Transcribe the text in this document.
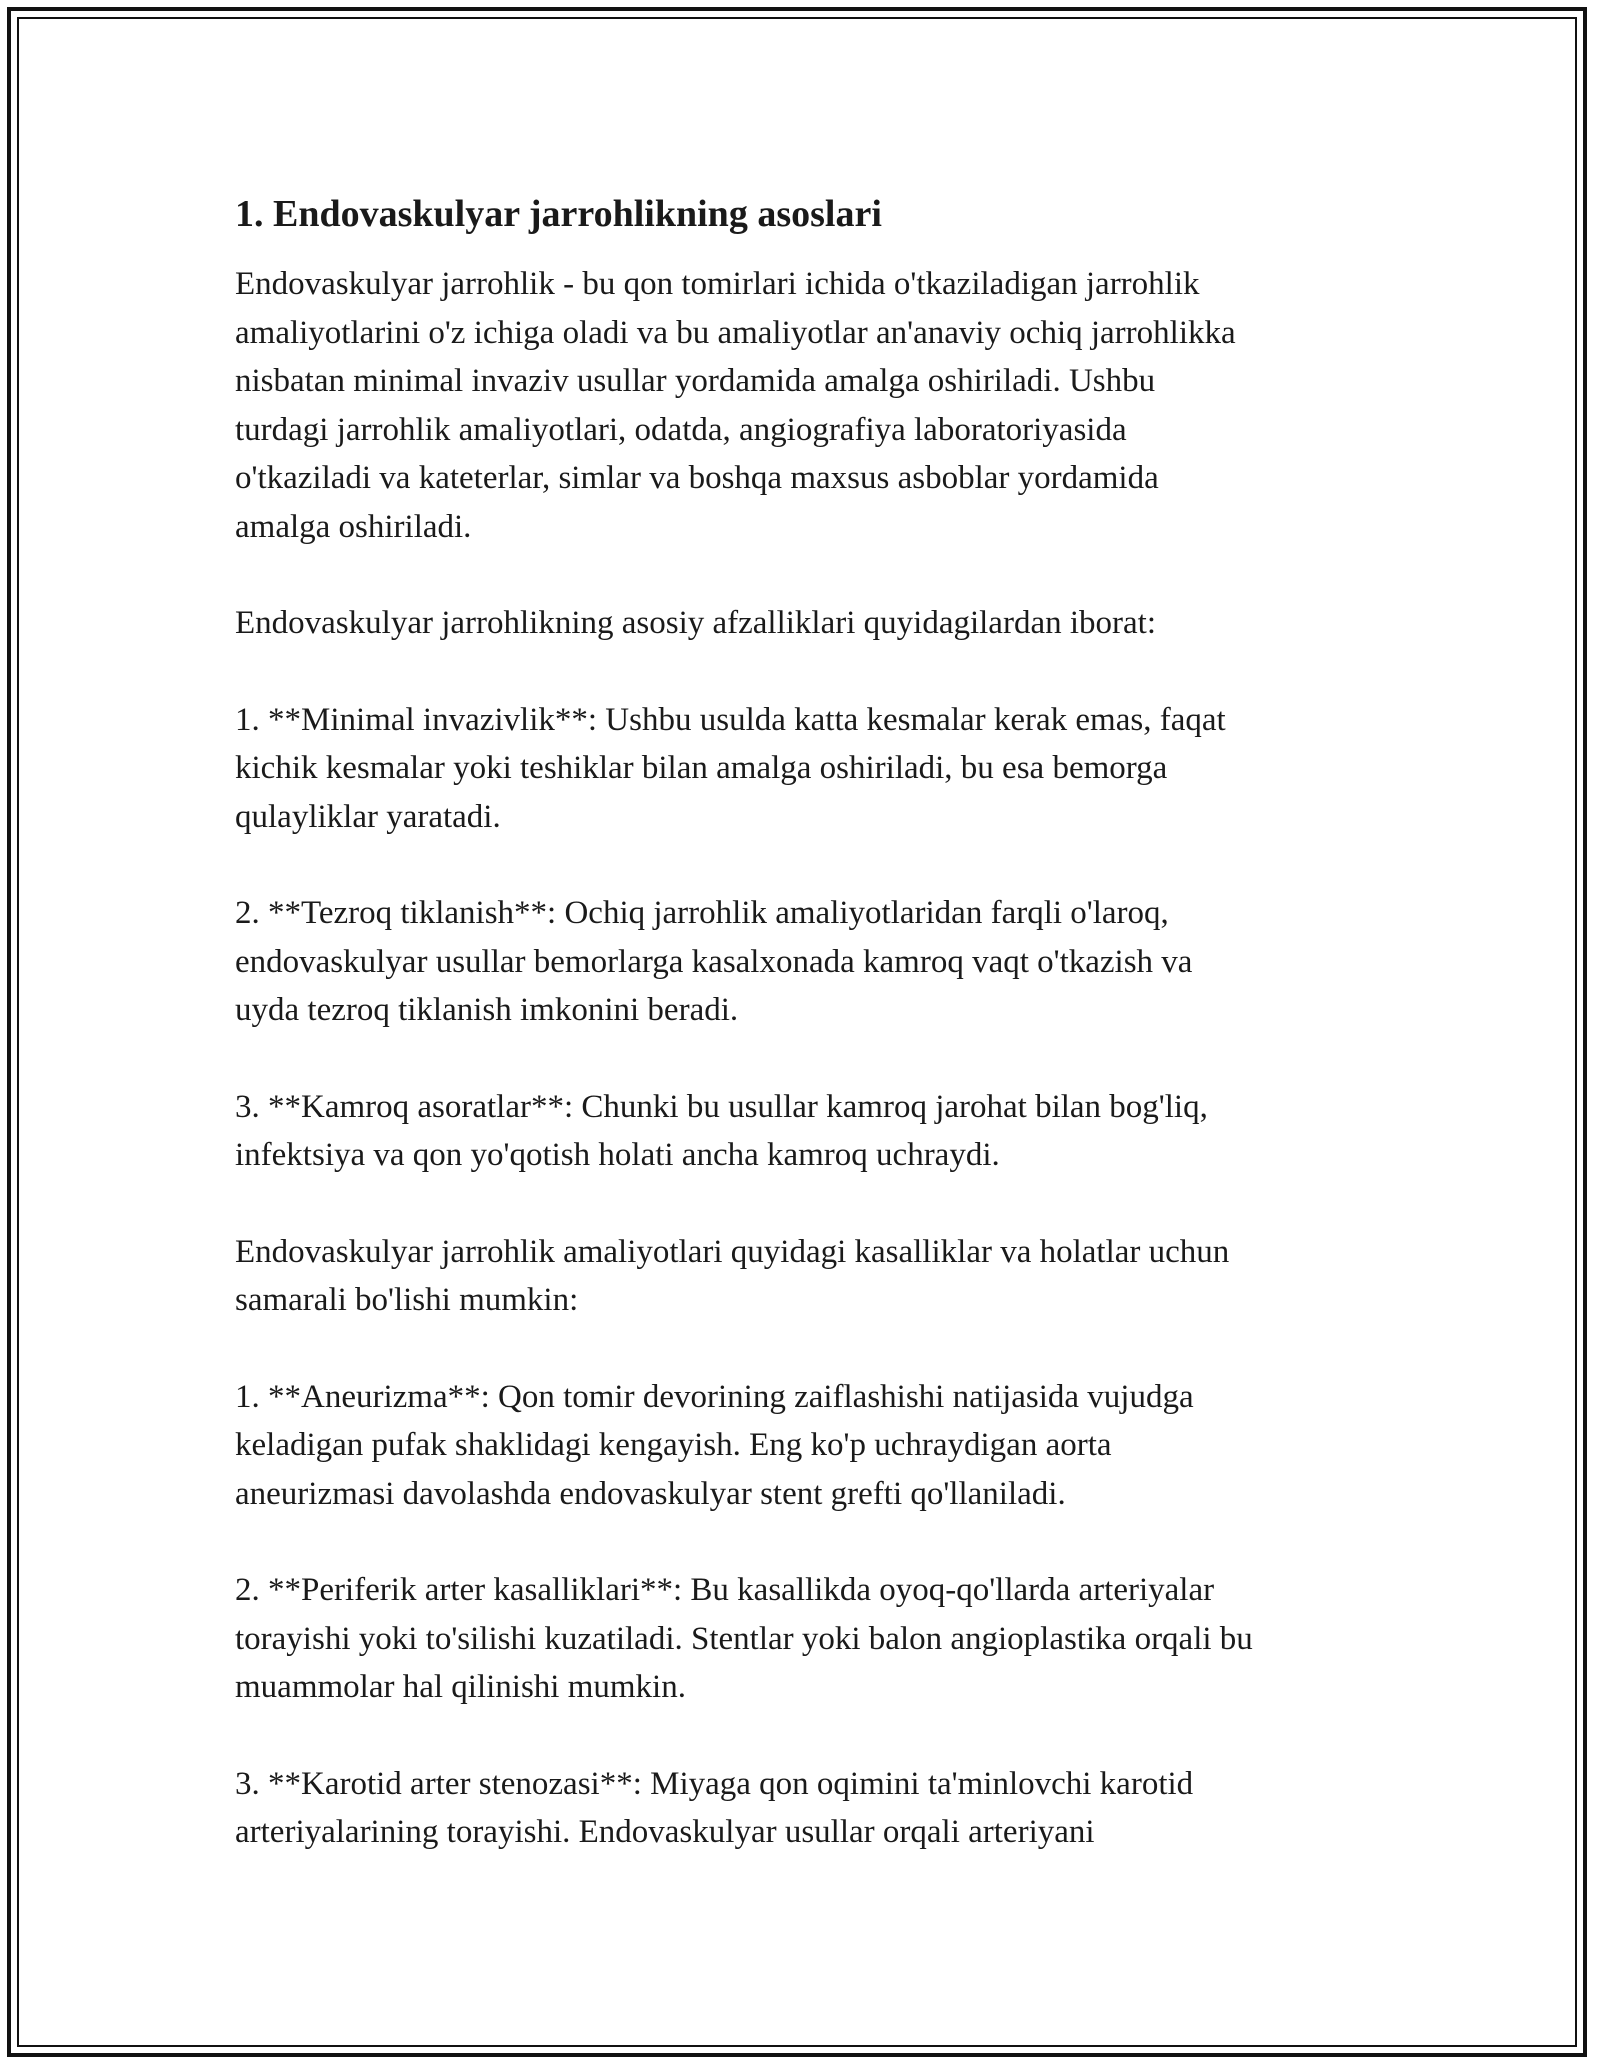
1. Endovaskulyar jarrohlikning asoslari

Endovaskulyar jarrohlik - bu qon tomirlari ichida o'tkaziladigan jarrohlik
amaliyotlarini o'z ichiga oladi va bu amaliyotlar an'anaviy ochiq jarrohlikka
nisbatan minimal invaziv usullar yordamida amalga oshiriladi. Ushbu
turdagi jarrohlik amaliyotlari, odatda, angiografiya laboratoriyasida
o'tkaziladi va kateterlar, simlar va boshqa maxsus asboblar yordamida
amalga oshiriladi.

Endovaskulyar jarrohlikning asosiy afzalliklari quyidagilardan iborat:

1. **Minimal invazivlik**: Ushbu usulda katta kesmalar kerak emas, faqat
kichik kesmalar yoki teshiklar bilan amalga oshiriladi, bu esa bemorga
qulayliklar yaratadi.

2. **Tezroq tiklanish**: Ochiq jarrohlik amaliyotlaridan farqli o'laroq,
endovaskulyar usullar bemorlarga kasalxonada kamroq vaqt o'tkazish va
uyda tezroq tiklanish imkonini beradi.

3. **Kamroq asoratlar**: Chunki bu usullar kamroq jarohat bilan bog'liq,
infektsiya va qon yo'qotish holati ancha kamroq uchraydi.

Endovaskulyar jarrohlik amaliyotlari quyidagi kasalliklar va holatlar uchun
samarali bo'lishi mumkin:

1. **Aneurizma**: Qon tomir devorining zaiflashishi natijasida vujudga
keladigan pufak shaklidagi kengayish. Eng ko'p uchraydigan aorta
aneurizmasi davolashda endovaskulyar stent grefti qo'llaniladi.

2. **Periferik arter kasalliklari**: Bu kasallikda oyoq-qo'llarda arteriyalar
torayishi yoki to'silishi kuzatiladi. Stentlar yoki balon angioplastika orqali bu
muammolar hal qilinishi mumkin.

3. **Karotid arter stenozasi**: Miyaga qon oqimini ta'minlovchi karotid
arteriyalarining torayishi. Endovaskulyar usullar orqali arteriyani
